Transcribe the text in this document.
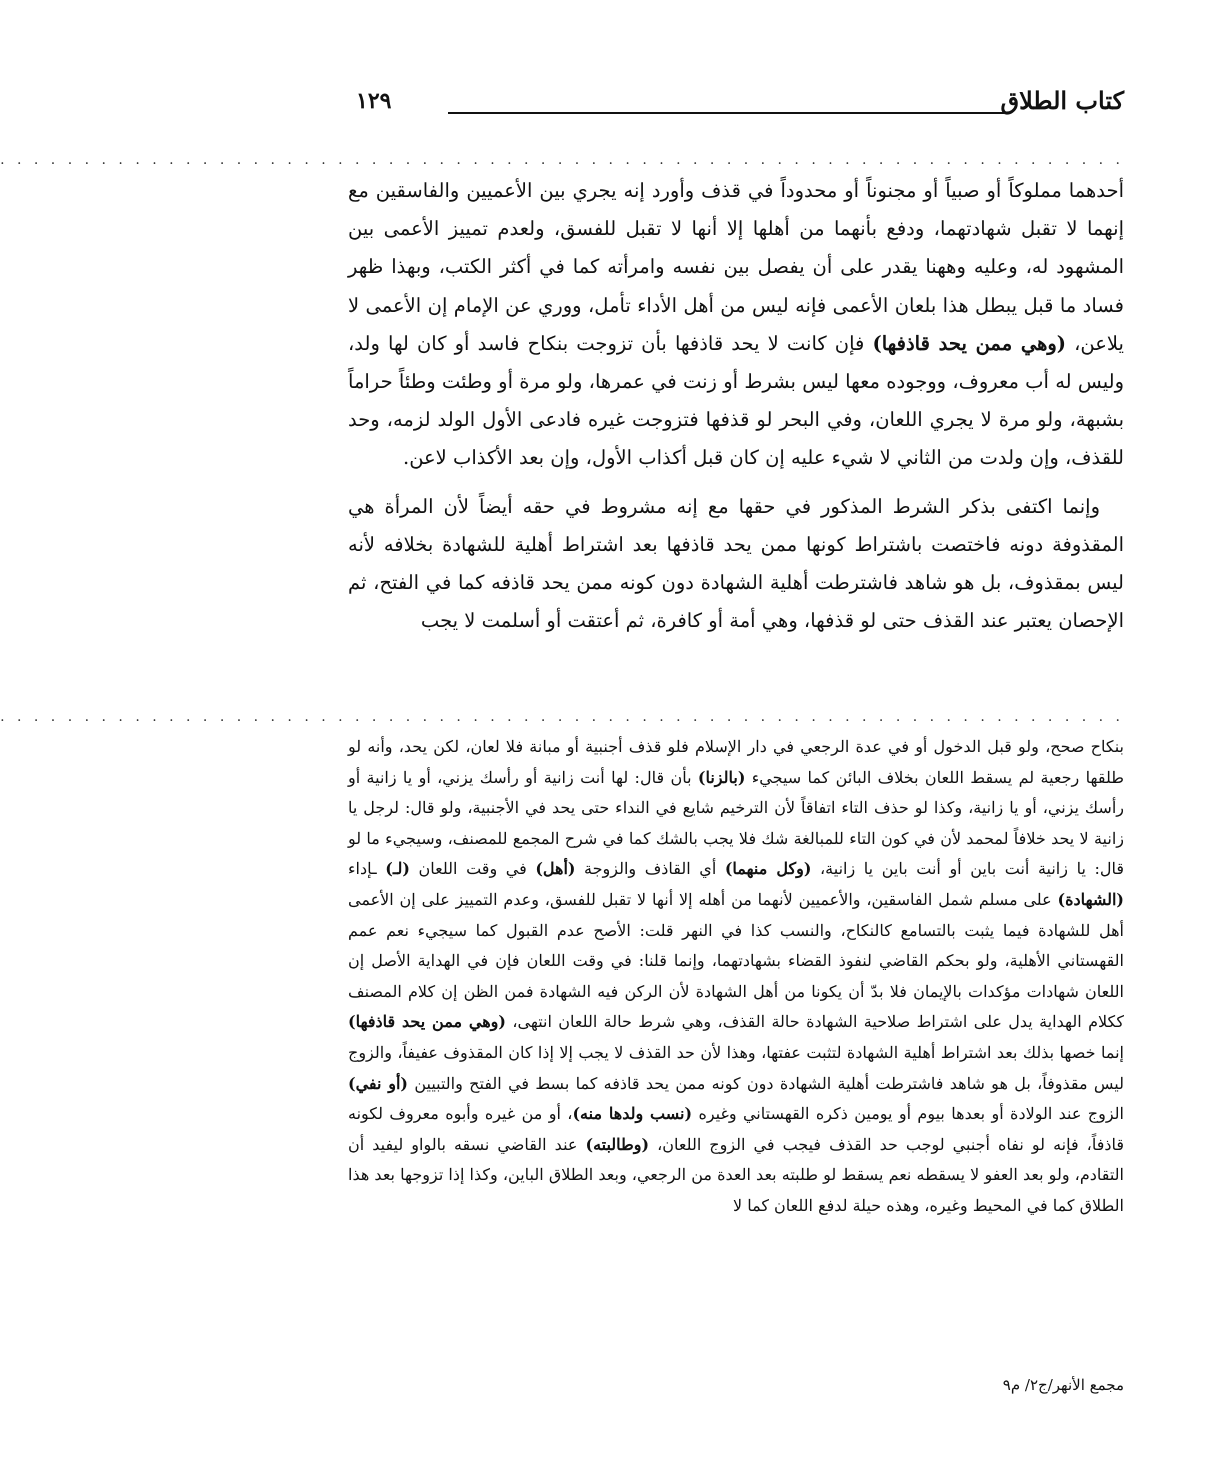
كتاب الطلاق
١٢٩
. . . . . . . . . . . . . . . . . . . . . . . . . . . . . . . . . . . . . . . . . . . . . . . . . . . . . . . . . . . . . . . . . . .

أحدهما مملوكاً أو صبياً أو مجنوناً أو محدوداً في قذف وأورد إنه يجري بين الأعميين والفاسقين مع إنهما لا تقبل شهادتهما، ودفع بأنهما من أهلها إلا أنها لا تقبل للفسق، ولعدم تمييز الأعمى بين المشهود له، وعليه وههنا يقدر على أن يفصل بين نفسه وامرأته كما في أكثر الكتب، وبهذا ظهر فساد ما قبل يبطل هذا بلعان الأعمى فإنه ليس من أهل الأداء تأمل، ووري عن الإمام إن الأعمى لا يلاعن، (وهي ممن يحد قاذفها) فإن كانت لا يحد قاذفها بأن تزوجت بنكاح فاسد أو كان لها ولد، وليس له أب معروف، ووجوده معها ليس بشرط أو زنت في عمرها، ولو مرة أو وطئت وطئاً حراماً بشبهة، ولو مرة لا يجري اللعان، وفي البحر لو قذفها فتزوجت غيره فادعى الأول الولد لزمه، وحد للقذف، وإن ولدت من الثاني لا شيء عليه إن كان قبل أكذاب الأول، وإن بعد الأكذاب لاعن.

وإنما اكتفى بذكر الشرط المذكور في حقها مع إنه مشروط في حقه أيضاً لأن المرأة هي المقذوفة دونه فاختصت باشتراط كونها ممن يحد قاذفها بعد اشتراط أهلية للشهادة بخلافه لأنه ليس بمقذوف، بل هو شاهد فاشترطت أهلية الشهادة دون كونه ممن يحد قاذفه كما في الفتح، ثم الإحصان يعتبر عند القذف حتى لو قذفها، وهي أمة أو كافرة، ثم أعتقت أو أسلمت لا يجب

. . . . . . . . . . . . . . . . . . . . . . . . . . . . . . . . . . . . . . . . . . . . . . . . . . . . . . . . . . . . . . . . . . .

بنكاح صحح، ولو قبل الدخول أو في عدة الرجعي في دار الإسلام فلو قذف أجنبية أو مبانة فلا لعان، لكن يحد، وأنه لو طلقها رجعية لم يسقط اللعان بخلاف البائن كما سيجيء (بالزنا) بأن قال: لها أنت زانية أو رأسك يزني، أو يا زانية أو رأسك يزني، أو يا زانية، وكذا لو حذف التاء اتفاقاً لأن الترخيم شايع في النداء حتى يحد في الأجنبية، ولو قال: لرجل يا زانية لا يحد خلافاً لمحمد لأن في كون التاء للمبالغة شك فلا يجب بالشك كما في شرح المجمع للمصنف، وسيجيء ما لو قال: يا زانية أنت باين أو أنت باين يا زانية، (وكل منهما) أي القاذف والزوجة (أهل) في وقت اللعان (لـ) ـإداء (الشهادة) على مسلم شمل الفاسقين، والأعميين لأنهما من أهله إلا أنها لا تقبل للفسق، وعدم التمييز على إن الأعمى أهل للشهادة فيما يثبت بالتسامع كالنكاح، والنسب كذا في النهر قلت: الأصح عدم القبول كما سيجيء نعم عمم القهستاني الأهلية، ولو بحكم القاضي لنفوذ القضاء بشهادتهما، وإنما قلنا: في وقت اللعان فإن في الهداية الأصل إن اللعان شهادات مؤكدات بالإيمان فلا بدّ أن يكونا من أهل الشهادة لأن الركن فيه الشهادة فمن الظن إن كلام المصنف ككلام الهداية يدل على اشتراط صلاحية الشهادة حالة القذف، وهي شرط حالة اللعان انتهى، (وهي ممن يحد قاذفها) إنما خصها بذلك بعد اشتراط أهلية الشهادة لتثبت عفتها، وهذا لأن حد القذف لا يجب إلا إذا كان المقذوف عفيفاً، والزوج ليس مقذوفاً، بل هو شاهد فاشترطت أهلية الشهادة دون كونه ممن يحد قاذفه كما بسط في الفتح والتبيين (أو نفي) الزوج عند الولادة أو بعدها بيوم أو يومين ذكره القهستاني وغيره (نسب ولدها منه)، أو من غيره وأبوه معروف لكونه قاذفاً، فإنه لو نفاه أجنبي لوجب حد القذف فيجب في الزوج اللعان، (وطالبته) عند القاضي نسقه بالواو ليفيد أن التقادم، ولو بعد العفو لا يسقطه نعم يسقط لو طلبته بعد العدة من الرجعي، وبعد الطلاق الباين، وكذا إذا تزوجها بعد هذا الطلاق كما في المحيط وغيره، وهذه حيلة لدفع اللعان كما لا

مجمع الأنهر/ج٢/ م٩
